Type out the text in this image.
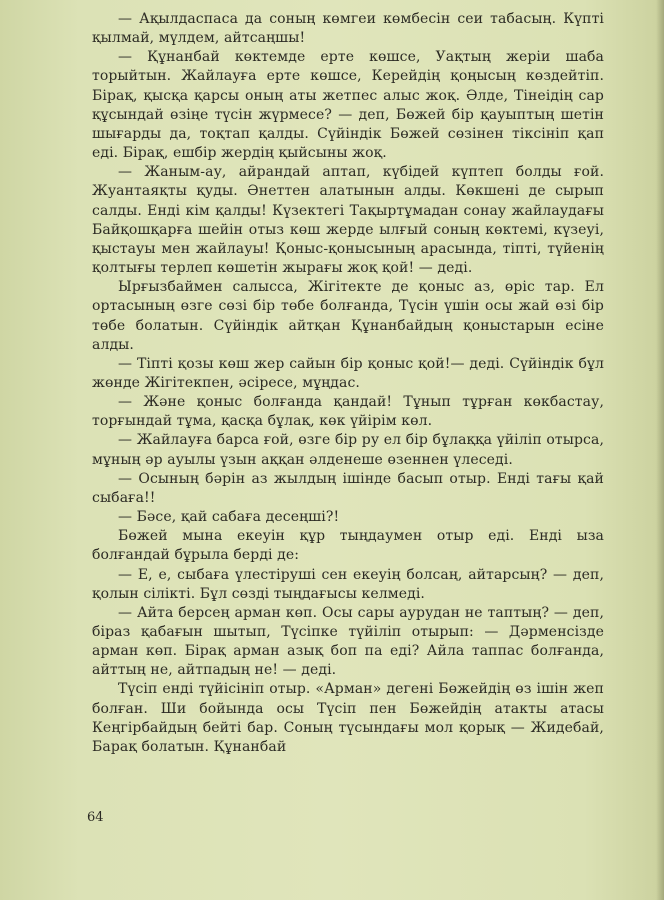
— Ақылдаспаса да соның көмгеи көмбесін сеи табасың. Күпті қылмай, мүлдем, айтсаңшы!

— Құнанбай көктемде ерте көшсе, Уақтың жеріи шаба торыйтын. Жайлауға ерте көшсе, Керейдің қоңысың көздейтіп. Бірақ, қысқа қарсы оның аты жетпес алыс жоқ. Әлде, Тінеідің сар құсындай өзіңе түсін жүрмесе? — деп, Бөжей бір қауыптың шетін шығарды да, тоқтап қалды. Сүйіндік Бөжей сөзінен тіксініп қап еді. Бірақ, ешбір жердің қыйсыны жоқ.

— Жаным-ау, айрандай аптап, күбідей күптеп болды ғой. Жуантаяқты қуды. Әнеттен алатынын алды. Көкшені де сырып салды. Енді кім қалды! Күзектегі Тақыртұмадан сонау жайлаудағы Байқошқарға шейін отыз көш жерде ылғый соның көктемі, күзеуі, қыстауы мен жайлауы! Қоныс-қонысының арасында, тіпті, түйенің қолтығы терлеп көшетін жырағы жоқ қой! — деді.

Ырғызбаймен салысса, Жігітекте де қоныс аз, өріс тар. Ел ортасының өзге сөзі бір төбе болғанда, Түсін үшін осы жай өзі бір төбе болатын. Сүйіндік айтқан Құнанбайдың қоныстарын есіне алды.

— Тіпті қозы көш жер сайын бір қоныс қой!— деді. Сүйіндік бұл жөнде Жігітекпен, әсіресе, мұңдас.

— Және қоныс болғанда қандай! Тұнып тұрған көкбастау, торғындай тұма, қасқа бұлақ, көк үйірім көл.

— Жайлауға барса ғой, өзге бір ру ел бір бұлаққа үйіліп отырса, мұның әр ауылы үзын аққан әлденеше өзеннен үлеседі.

— Осының бәрін аз жылдың ішінде басып отыр. Енді тағы қай сыбаға!!

— Бәсе, қай сабаға десеңші?!

Бөжей мына екеуін құр тыңдаумен отыр еді. Енді ыза болғандай бұрыла берді де:

— Е, е, сыбаға үлестіруші сен екеуің болсаң, айтарсың? — деп, қолын сілікті. Бұл сөзді тыңдағысы келмеді.

— Айта берсең арман көп. Осы сары аурудан не таптың? — деп, біраз қабағын шытып, Түсіпке түйіліп отырып: — Дәрменсізде арман көп. Бірақ арман азық боп па еді? Айла таппас болғанда, айттың не, айтпадың не! — деді.

Түсіп енді түйісініп отыр. «Арман» дегені Бөжейдің өз ішін жеп болған. Ши бойында осы Түсіп пен Бөжейдің атакты атасы Кеңгірбайдың бейті бар. Соның түсындағы мол қорық — Жидебай, Барақ болатын. Құнанбай

64
